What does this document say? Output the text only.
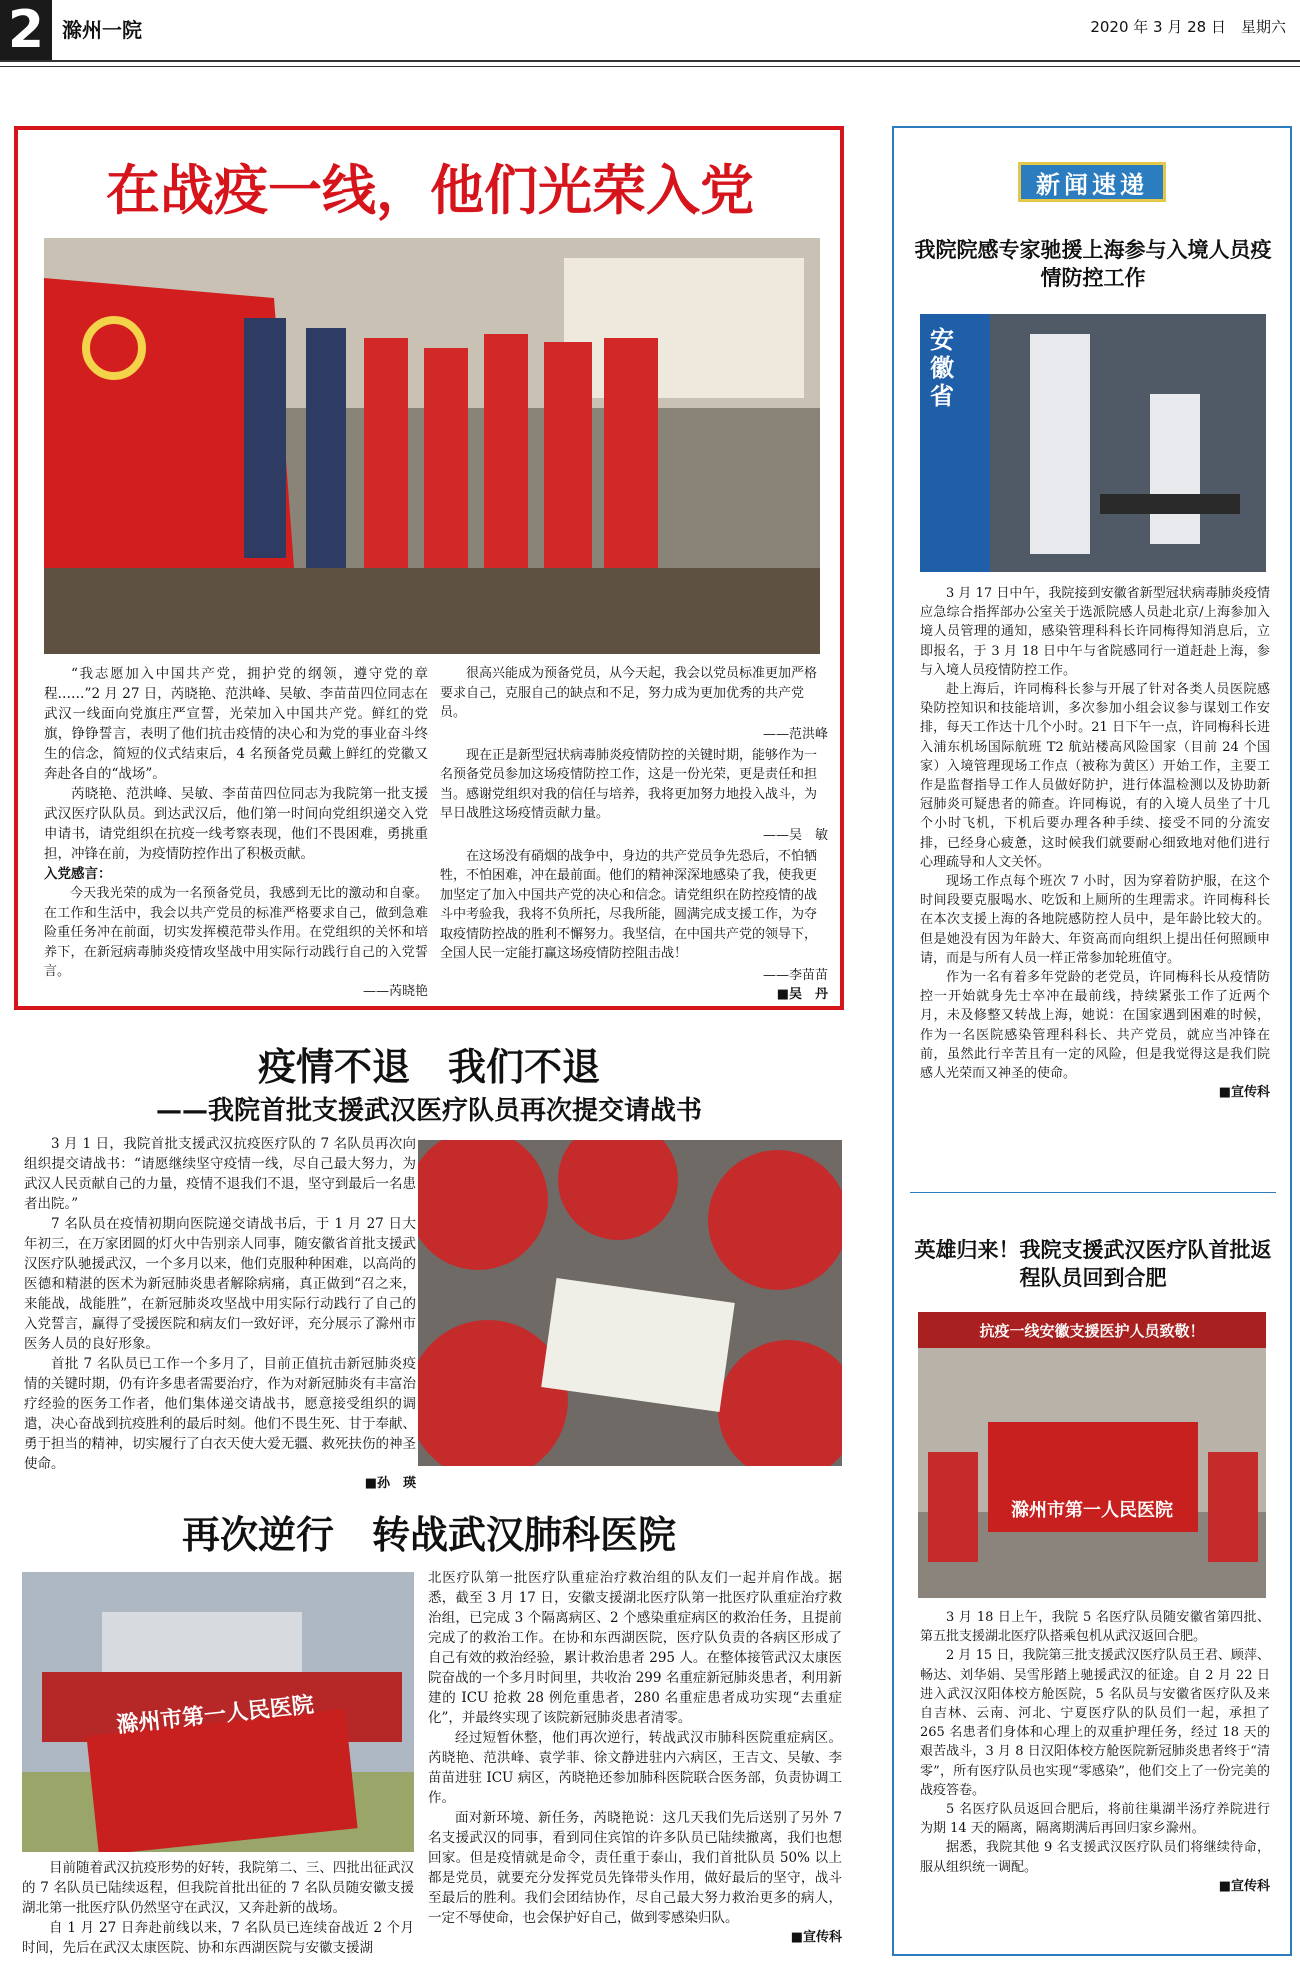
2 滁州一院	2020 年 3 月 28 日　星期六
在战疫一线，他们光荣入党

“我志愿加入中国共产党，拥护党的纲领，遵守党的章程……”2 月 27 日，芮晓艳、范洪峰、吴敏、李苗苗四位同志在武汉一线面向党旗庄严宣誓，光荣加入中国共产党。鲜红的党旗，铮铮誓言，表明了他们抗击疫情的决心和为党的事业奋斗终生的信念，简短的仪式结束后，4 名预备党员戴上鲜红的党徽又奔赴各自的“战场”。

芮晓艳、范洪峰、吴敏、李苗苗四位同志为我院第一批支援武汉医疗队队员。到达武汉后，他们第一时间向党组织递交入党申请书，请党组织在抗疫一线考察表现，他们不畏困难，勇挑重担，冲锋在前，为疫情防控作出了积极贡献。

入党感言：
今天我光荣的成为一名预备党员，我感到无比的激动和自豪。在工作和生活中，我会以共产党员的标准严格要求自己，做到急难险重任务冲在前面，切实发挥模范带头作用。在党组织的关怀和培养下，在新冠病毒肺炎疫情攻坚战中用实际行动践行自己的入党誓言。
——芮晓艳
很高兴能成为预备党员，从今天起，我会以党员标准更加严格要求自己，克服自己的缺点和不足，努力成为更加优秀的共产党员。
——范洪峰
现在正是新型冠状病毒肺炎疫情防控的关键时期，能够作为一名预备党员参加这场疫情防控工作，这是一份光荣，更是责任和担当。感谢党组织对我的信任与培养，我将更加努力地投入战斗，为早日战胜这场疫情贡献力量。
——吴　敏
在这场没有硝烟的战争中，身边的共产党员争先恐后，不怕牺牲，不怕困难，冲在最前面。他们的精神深深地感染了我，使我更加坚定了加入中国共产党的决心和信念。请党组织在防控疫情的战斗中考验我，我将不负所托，尽我所能，圆满完成支援工作，为夺取疫情防控战的胜利不懈努力。我坚信，在中国共产党的领导下，全国人民一定能打赢这场疫情防控阻击战！
——李苗苗
■吴　丹
疫情不退　我们不退
——我院首批支援武汉医疗队员再次提交请战书

3 月 1 日，我院首批支援武汉抗疫医疗队的 7 名队员再次向组织提交请战书：“请愿继续坚守疫情一线，尽自己最大努力，为武汉人民贡献自己的力量，疫情不退我们不退，坚守到最后一名患者出院。”

7 名队员在疫情初期向医院递交请战书后，于 1 月 27 日大年初三，在万家团圆的灯火中告别亲人同事，随安徽省首批支援武汉医疗队驰援武汉，一个多月以来，他们克服种种困难，以高尚的医德和精湛的医术为新冠肺炎患者解除病痛，真正做到“召之来，来能战，战能胜”，在新冠肺炎攻坚战中用实际行动践行了自己的入党誓言，赢得了受援医院和病友们一致好评，充分展示了滁州市医务人员的良好形象。

首批 7 名队员已工作一个多月了，目前正值抗击新冠肺炎疫情的关键时期，仍有许多患者需要治疗，作为对新冠肺炎有丰富治疗经验的医务工作者，他们集体递交请战书，愿意接受组织的调遣，决心奋战到抗疫胜利的最后时刻。他们不畏生死、甘于奉献、勇于担当的精神，切实履行了白衣天使大爱无疆、救死扶伤的神圣使命。

■孙　瑛
再次逆行　转战武汉肺科医院
滁州市第一人民医院

目前随着武汉抗疫形势的好转，我院第二、三、四批出征武汉的 7 名队员已陆续返程，但我院首批出征的 7 名队员随安徽支援湖北第一批医疗队仍然坚守在武汉，又奔赴新的战场。

自 1 月 27 日奔赴前线以来，7 名队员已连续奋战近 2 个月时间，先后在武汉太康医院、协和东西湖医院与安徽支援湖

北医疗队第一批医疗队重症治疗救治组的队友们一起并肩作战。据悉，截至 3 月 17 日，安徽支援湖北医疗队第一批医疗队重症治疗救治组，已完成 3 个隔离病区、2 个感染重症病区的救治任务，且提前完成了的救治工作。在协和东西湖医院，医疗队负责的各病区形成了自己有效的救治经验，累计救治患者 295 人。在整体接管武汉太康医院奋战的一个多月时间里，共收治 299 名重症新冠肺炎患者，利用新建的 ICU 抢救 28 例危重患者，280 名重症患者成功实现“去重症化”，并最终实现了该院新冠肺炎患者清零。

经过短暂休整，他们再次逆行，转战武汉市肺科医院重症病区。芮晓艳、范洪峰、袁学菲、徐文静进驻内六病区，王吉文、吴敏、李苗苗进驻 ICU 病区，芮晓艳还参加肺科医院联合医务部，负责协调工作。

面对新环境、新任务，芮晓艳说：这几天我们先后送别了另外 7 名支援武汉的同事，看到同住宾馆的许多队员已陆续撤离，我们也想回家。但是疫情就是命令，责任重于泰山，我们首批队员 50% 以上都是党员，就要充分发挥党员先锋带头作用，做好最后的坚守，战斗至最后的胜利。我们会团结协作，尽自己最大努力救治更多的病人，一定不辱使命，也会保护好自己，做到零感染归队。

■宣传科
新闻速递
我院院感专家驰援上海参与入境人员疫情防控工作
安徽省

3 月 17 日中午，我院接到安徽省新型冠状病毒肺炎疫情应急综合指挥部办公室关于选派院感人员赴北京/上海参加入境人员管理的通知，感染管理科科长许同梅得知消息后，立即报名，于 3 月 18 日中午与省院感同行一道赶赴上海，参与入境人员疫情防控工作。

赴上海后，许同梅科长参与开展了针对各类人员医院感染防控知识和技能培训，多次参加小组会议参与谋划工作安排，每天工作达十几个小时。21 日下午一点，许同梅科长进入浦东机场国际航班 T2 航站楼高风险国家（目前 24 个国家）入境管理现场工作点（被称为黄区）开始工作，主要工作是监督指导工作人员做好防护，进行体温检测以及协助新冠肺炎可疑患者的筛查。许同梅说，有的入境人员坐了十几个小时飞机，下机后要办理各种手续、接受不同的分流安排，已经身心疲惫，这时候我们就要耐心细致地对他们进行心理疏导和人文关怀。

现场工作点每个班次 7 小时，因为穿着防护服，在这个时间段要克服喝水、吃饭和上厕所的生理需求。许同梅科长在本次支援上海的各地院感防控人员中，是年龄比较大的。但是她没有因为年龄大、年资高而向组织上提出任何照顾申请，而是与所有人员一样正常参加轮班值守。

作为一名有着多年党龄的老党员，许同梅科长从疫情防控一开始就身先士卒冲在最前线，持续紧张工作了近两个月，未及修整又转战上海，她说：在国家遇到困难的时候，作为一名医院感染管理科科长、共产党员，就应当冲锋在前，虽然此行辛苦且有一定的风险，但是我觉得这是我们院感人光荣而又神圣的使命。

■宣传科
英雄归来！我院支援武汉医疗队首批返程队员回到合肥
抗疫一线安徽支援医护人员致敬！
滁州市第一人民医院

3 月 18 日上午，我院 5 名医疗队员随安徽省第四批、第五批支援湖北医疗队搭乘包机从武汉返回合肥。

2 月 15 日，我院第三批支援武汉医疗队员王君、顾萍、畅达、刘华娟、吴雪彤踏上驰援武汉的征途。自 2 月 22 日进入武汉汉阳体校方舱医院，5 名队员与安徽省医疗队及来自吉林、云南、河北、宁夏医疗队的队员们一起，承担了 265 名患者们身体和心理上的双重护理任务，经过 18 天的艰苦战斗，3 月 8 日汉阳体校方舱医院新冠肺炎患者终于“清零”，所有医疗队员也实现“零感染”，他们交上了一份完美的战疫答卷。

5 名医疗队员返回合肥后，将前往巢湖半汤疗养院进行为期 14 天的隔离，隔离期满后再回归家乡滁州。

据悉，我院其他 9 名支援武汉医疗队员们将继续待命，服从组织统一调配。

■宣传科
